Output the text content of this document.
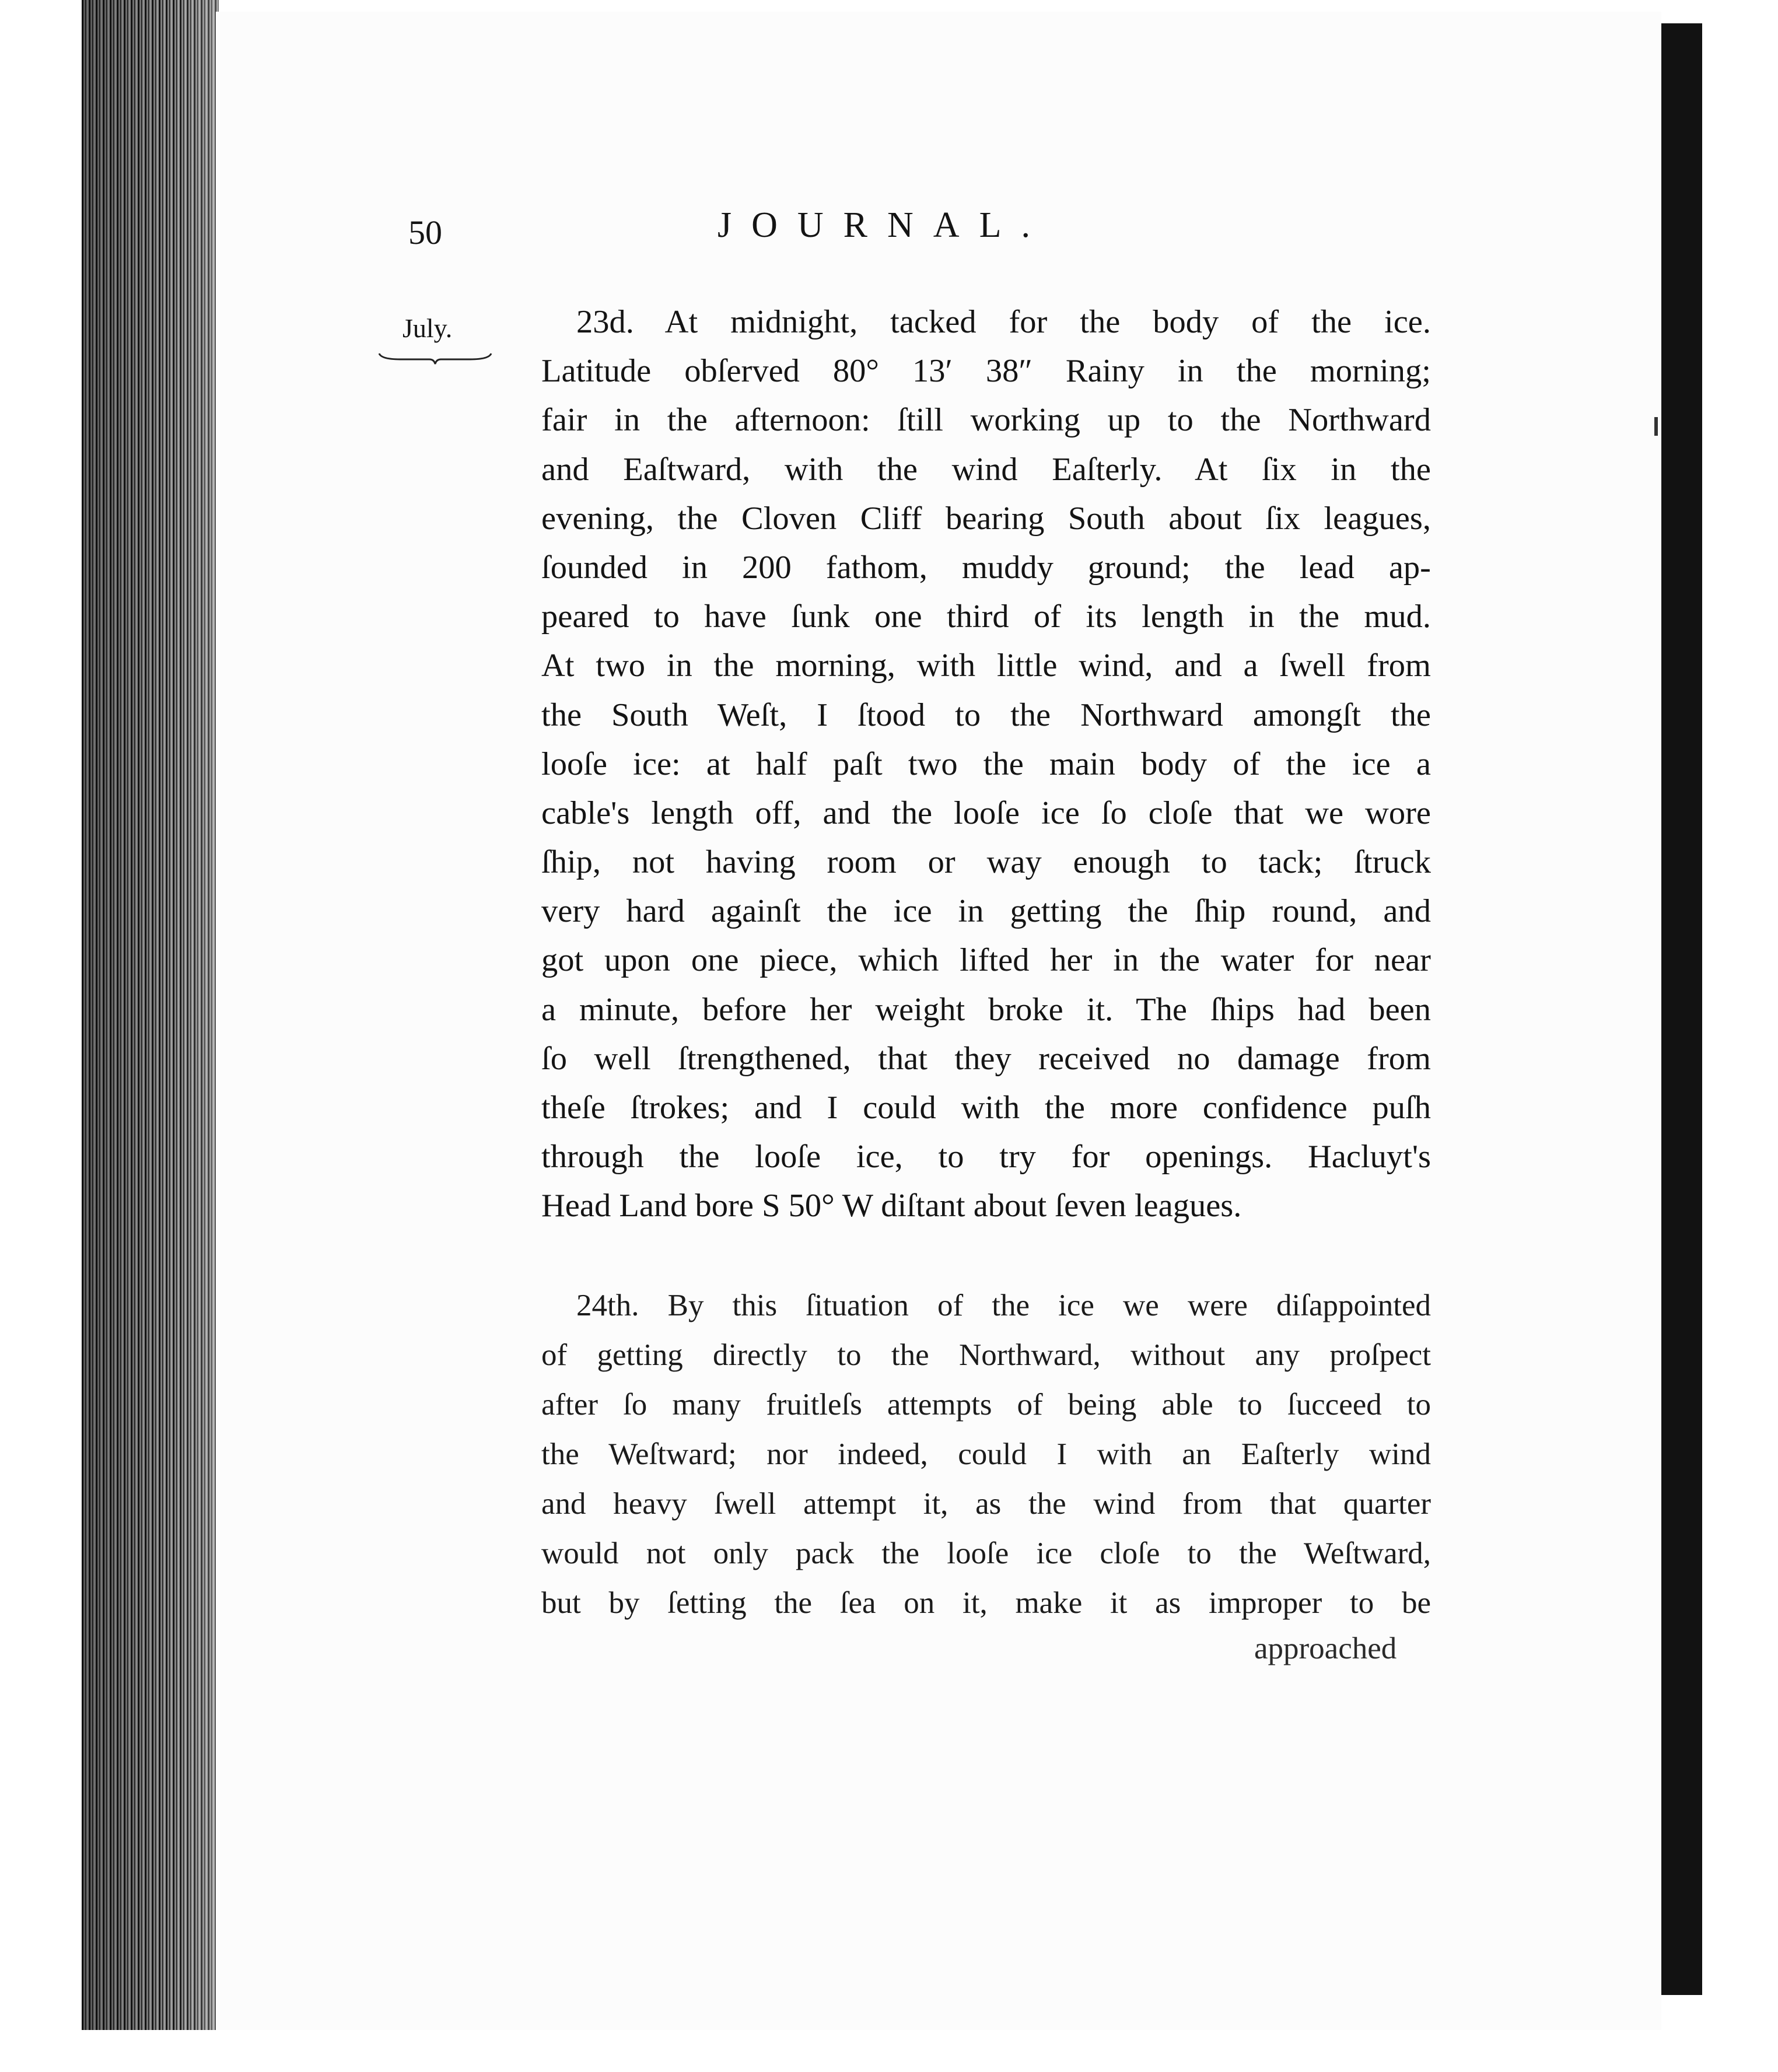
50	JOURNAL.
July.	23d. At midnight, tacked for the body of the ice.
Latitude obſerved 80° 13′ 38″ Rainy in the morning;
fair in the afternoon: ſtill working up to the Northward
and Eaſtward, with the wind Eaſterly. At ſix in the
evening, the Cloven Cliff bearing South about ſix leagues,
ſounded in 200 fathom, muddy ground; the lead ap-
peared to have ſunk one third of its length in the mud.
At two in the morning, with little wind, and a ſwell from
the South Weſt, I ſtood to the Northward amongſt the
looſe ice: at half paſt two the main body of the ice a
cable's length off, and the looſe ice ſo cloſe that we wore
ſhip, not having room or way enough to tack; ſtruck
very hard againſt the ice in getting the ſhip round, and
got upon one piece, which lifted her in the water for near
a minute, before her weight broke it. The ſhips had been
ſo well ſtrengthened, that they received no damage from
theſe ſtrokes; and I could with the more confidence puſh
through the looſe ice, to try for openings. Hacluyt's
Head Land bore S 50° W diſtant about ſeven leagues.
24th. By this ſituation of the ice we were diſappointed
of getting directly to the Northward, without any proſpect
after ſo many fruitleſs attempts of being able to ſucceed to
the Weſtward; nor indeed, could I with an Eaſterly wind
and heavy ſwell attempt it, as the wind from that quarter
would not only pack the looſe ice cloſe to the Weſtward,
but by ſetting the ſea on it, make it as improper to be
approached
